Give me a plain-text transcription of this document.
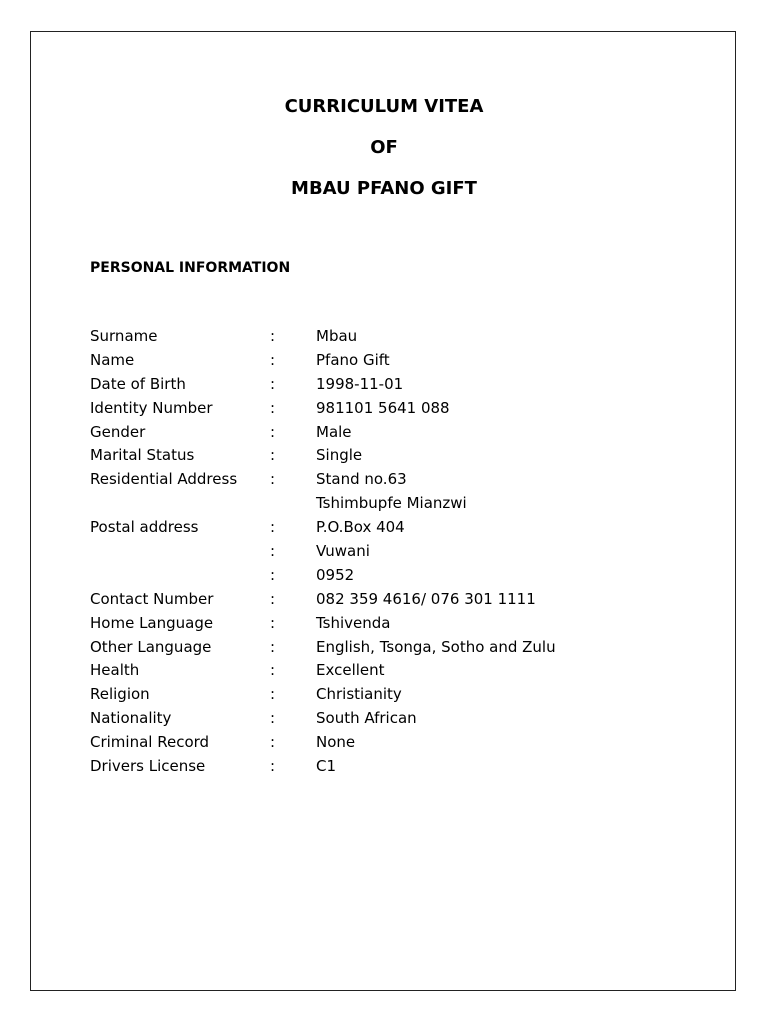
CURRICULUM VITEA
OF
MBAU PFANO GIFT
PERSONAL INFORMATION
Surname	:	Mbau
Name	:	Pfano Gift
Date of Birth	:	1998-11-01
Identity Number	:	981101 5641 088
Gender	:	Male
Marital Status	:	Single
Residential Address :	Stand no.63
Tshimbupfe Mianzwi
Postal address	:	P.O.Box 404
:	Vuwani
:	0952
Contact Number	:	082 359 4616/ 076 301 1111
Home Language	:	Tshivenda
Other Language	:	English, Tsonga, Sotho and Zulu
Health	:	Excellent
Religion	:	Christianity
Nationality	:	South African
Criminal Record	:	None
Drivers License	:	C1
